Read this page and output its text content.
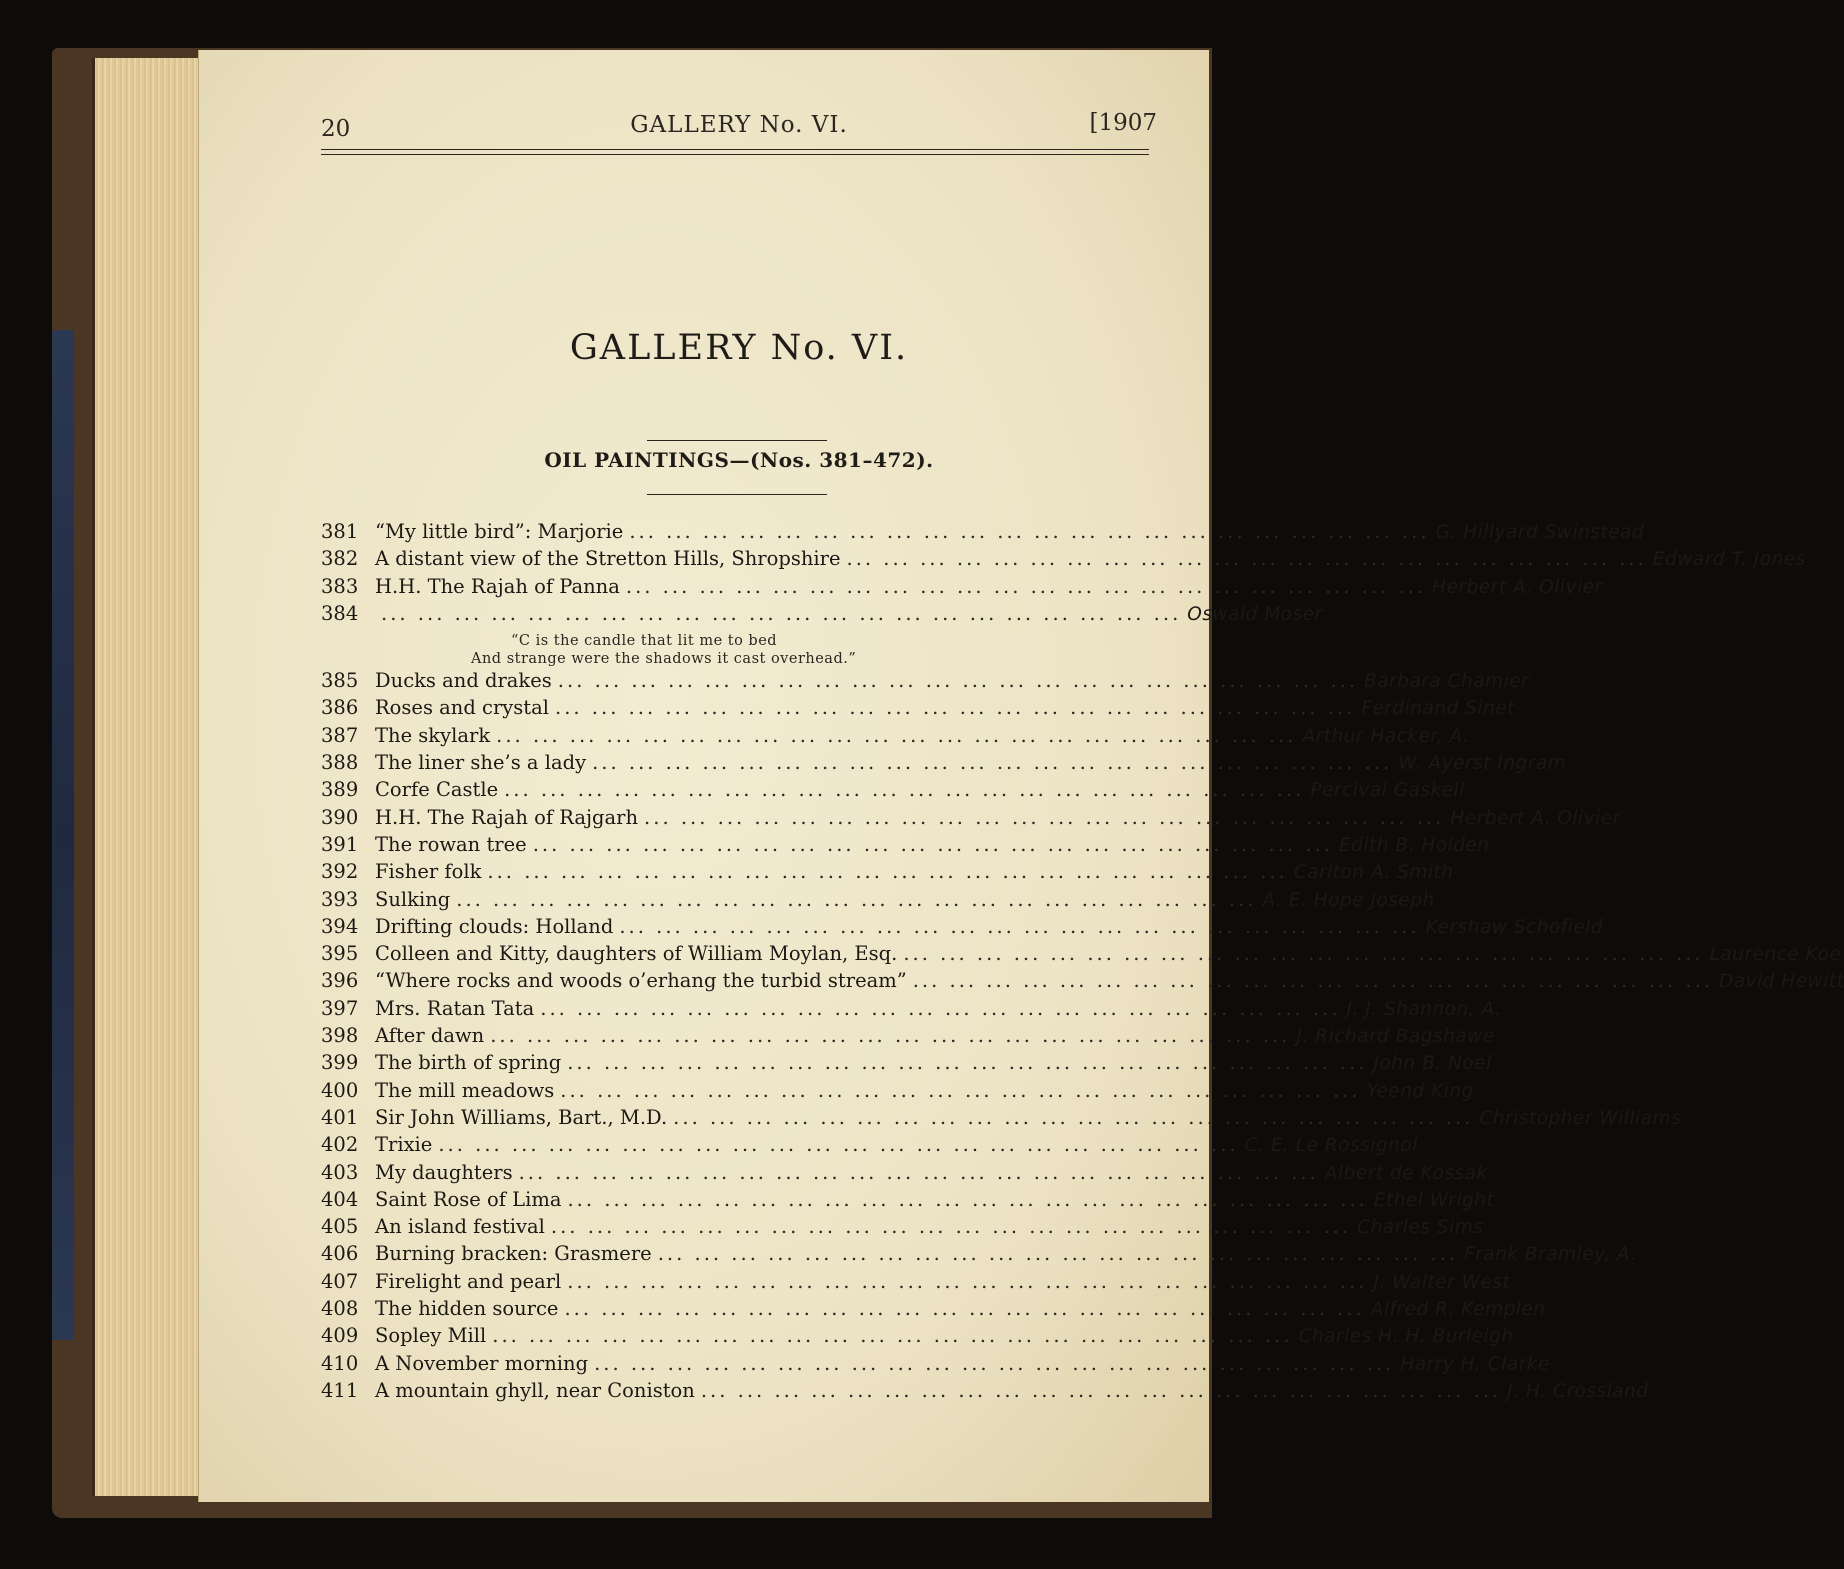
20	GALLERY No. VI.	[1907
GALLERY No. VI.
OIL PAINTINGS—(Nos. 381–472).
381 “My little bird”: Marjorie ... ... ... ... ... ... ... ... ... ... ... ... ... ... ... ... ... ... ... ... ... ... G. Hillyard Swinstead
382 A distant view of the Stretton Hills, Shropshire ... ... ... ... ... ... ... ... ... ... ... ... ... ... ... ... ... ... ... ... ... ... Edward T. Jones
383 H.H. The Rajah of Panna ... ... ... ... ... ... ... ... ... ... ... ... ... ... ... ... ... ... ... ... ... ... Herbert A. Olivier
384	... ... ... ... ... ... ... ... ... ... ... ... ... ... ... ... ... ... ... ... ... ... Oswald Moser
“C is the candle that lit me to bed
And strange were the shadows it cast overhead.”
385 Ducks and drakes ... ... ... ... ... ... ... ... ... ... ... ... ... ... ... ... ... ... ... ... ... ... Barbara Chamier
386 Roses and crystal ... ... ... ... ... ... ... ... ... ... ... ... ... ... ... ... ... ... ... ... ... ... Ferdinand Sinet
387 The skylark ... ... ... ... ... ... ... ... ... ... ... ... ... ... ... ... ... ... ... ... ... ... Arthur Hacker, A.
388 The liner she’s a lady ... ... ... ... ... ... ... ... ... ... ... ... ... ... ... ... ... ... ... ... ... ... W. Ayerst Ingram
389 Corfe Castle ... ... ... ... ... ... ... ... ... ... ... ... ... ... ... ... ... ... ... ... ... ... Percival Gaskell
390 H.H. The Rajah of Rajgarh ... ... ... ... ... ... ... ... ... ... ... ... ... ... ... ... ... ... ... ... ... ... Herbert A. Olivier
391 The rowan tree ... ... ... ... ... ... ... ... ... ... ... ... ... ... ... ... ... ... ... ... ... ... Edith B. Holden
392 Fisher folk ... ... ... ... ... ... ... ... ... ... ... ... ... ... ... ... ... ... ... ... ... ... Carlton A. Smith
393 Sulking ... ... ... ... ... ... ... ... ... ... ... ... ... ... ... ... ... ... ... ... ... ... A. E. Hope Joseph
394 Drifting clouds: Holland ... ... ... ... ... ... ... ... ... ... ... ... ... ... ... ... ... ... ... ... ... ... Kershaw Schofield
395 Colleen and Kitty, daughters of William Moylan, Esq. ... ... ... ... ... ... ... ... ... ... ... ... ... ... ... ... ... ... ... ... ... ... Laurence Koe
396 “Where rocks and woods o’erhang the turbid stream” ... ... ... ... ... ... ... ... ... ... ... ... ... ... ... ... ... ... ... ... ... ... David Hewitt
397 Mrs. Ratan Tata ... ... ... ... ... ... ... ... ... ... ... ... ... ... ... ... ... ... ... ... ... ... J. J. Shannon, A.
398 After dawn ... ... ... ... ... ... ... ... ... ... ... ... ... ... ... ... ... ... ... ... ... ... J. Richard Bagshawe
399 The birth of spring ... ... ... ... ... ... ... ... ... ... ... ... ... ... ... ... ... ... ... ... ... ... John B. Noel
400 The mill meadows ... ... ... ... ... ... ... ... ... ... ... ... ... ... ... ... ... ... ... ... ... ... Yeend King
401 Sir John Williams, Bart., M.D. ... ... ... ... ... ... ... ... ... ... ... ... ... ... ... ... ... ... ... ... ... ... Christopher Williams
402 Trixie ... ... ... ... ... ... ... ... ... ... ... ... ... ... ... ... ... ... ... ... ... ... C. E. Le Rossignol
403 My daughters ... ... ... ... ... ... ... ... ... ... ... ... ... ... ... ... ... ... ... ... ... ... Albert de Kossak
404 Saint Rose of Lima ... ... ... ... ... ... ... ... ... ... ... ... ... ... ... ... ... ... ... ... ... ... Ethel Wright
405 An island festival ... ... ... ... ... ... ... ... ... ... ... ... ... ... ... ... ... ... ... ... ... ... Charles Sims
406 Burning bracken: Grasmere ... ... ... ... ... ... ... ... ... ... ... ... ... ... ... ... ... ... ... ... ... ... Frank Bramley, A.
407 Firelight and pearl ... ... ... ... ... ... ... ... ... ... ... ... ... ... ... ... ... ... ... ... ... ... J. Walter West
408 The hidden source ... ... ... ... ... ... ... ... ... ... ... ... ... ... ... ... ... ... ... ... ... ... Alfred R. Kemplen
409 Sopley Mill ... ... ... ... ... ... ... ... ... ... ... ... ... ... ... ... ... ... ... ... ... ... Charles H. H. Burleigh
410 A November morning ... ... ... ... ... ... ... ... ... ... ... ... ... ... ... ... ... ... ... ... ... ... Harry H. Clarke
411 A mountain ghyll, near Coniston ... ... ... ... ... ... ... ... ... ... ... ... ... ... ... ... ... ... ... ... ... ... J. H. Crossland
